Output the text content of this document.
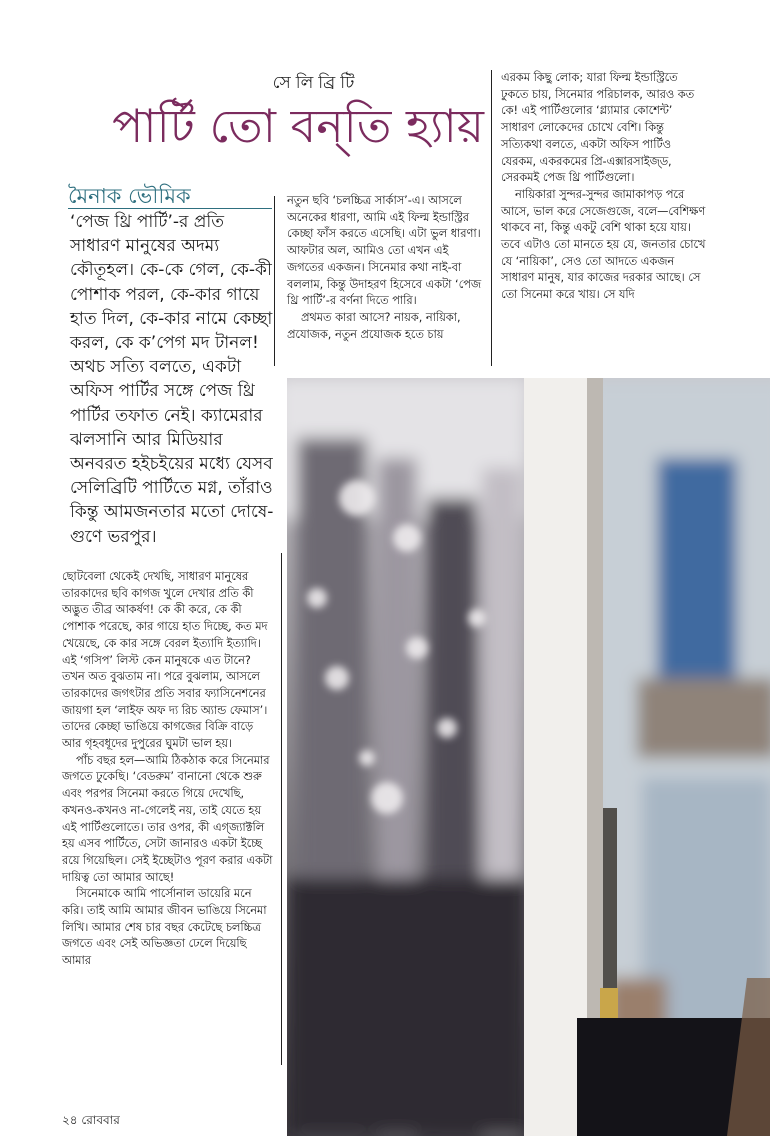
সেলিব্রিটি
পার্টি তো বন্‌তি হ্যায়
মৈনাক ভৌমিক

‘পেজ থ্রি পার্টি’-র প্রতি সাধারণ মানুষের অদম্য কৌতূহল। কে-কে গেল, কে-কী পোশাক পরল, কে-কার গায়ে হাত দিল, কে-কার নামে কেচ্ছা করল, কে ক’পেগ মদ টানল! অথচ সত্যি বলতে, একটা অফিস পার্টির সঙ্গে পেজ থ্রি পার্টির তফাত নেই। ক্যামেরার ঝলসানি আর মিডিয়ার অনবরত হইচইয়ের মধ্যে যেসব সেলিব্রিটি পার্টিতে মগ্ন, তাঁরাও কিন্তু আমজনতার মতো দোষে-গুণে ভরপুর।

ছোটবেলা থেকেই দেখছি, সাধারণ মানুষের তারকাদের ছবি কাগজ খুলে দেখার প্রতি কী অদ্ভুত তীব্র আকর্ষণ! কে কী করে, কে কী পোশাক পরেছে, কার গায়ে হাত দিচ্ছে, কত মদ খেয়েছে, কে কার সঙ্গে বেরল ইত্যাদি ইত্যাদি। এই ‘গসিপ’ লিস্ট কেন মানুষকে এত টানে? তখন অত বুঝতাম না। পরে বুঝলাম, আসলে তারকাদের জগৎটার প্রতি সবার ফ্যাসিনেশনের জায়গা হল ‘লাইফ অফ দ্য রিচ অ্যান্ড ফেমাস’। তাদের কেচ্ছা ভাঙিয়ে কাগজের বিক্রি বাড়ে আর গৃহবধূদের দুপুরের ঘুমটা ভাল হয়।

পাঁচ বছর হল—আমি ঠিকঠাক করে সিনেমার জগতে ঢুকেছি। ‘বেডরুম’ বানানো থেকে শুরু এবং পরপর সিনেমা করতে গিয়ে দেখেছি, কখনও-কখনও না-গেলেই নয়, তাই যেতে হয় এই পার্টিগুলোতে। তার ওপর, কী এগ্‌জ্যাক্টলি হয় এসব পার্টিতে, সেটা জানারও একটা ইচ্ছে রয়ে গিয়েছিল। সেই ইচ্ছেটাও পূরণ করার একটা দায়িত্ব তো আমার আছে!

সিনেমাকে আমি পার্সোনাল ডায়েরি মনে করি। তাই আমি আমার জীবন ভাঙিয়ে সিনেমা লিখি। আমার শেষ চার বছর কেটেছে চলচ্চিত্র জগতে এবং সেই অভিজ্ঞতা ঢেলে দিয়েছি আমার

নতুন ছবি ‘চলচ্চিত্র সার্কাস’-এ। আসলে অনেকের ধারণা, আমি এই ফিল্ম ইন্ডাস্ট্রির কেচ্ছা ফাঁস করতে এসেছি। এটা ভুল ধারণা। আফটার অল, আমিও তো এখন এই জগতের একজন। সিনেমার কথা নাই-বা বললাম, কিন্তু উদাহরণ হিসেবে একটা ‘পেজ থ্রি পার্টি’-র বর্ণনা দিতে পারি।

প্রথমত কারা আসে? নায়ক, নায়িকা, প্রযোজক, নতুন প্রযোজক হতে চায়

এরকম কিছু লোক; যারা ফিল্ম ইন্ডাস্ট্রিতে ঢুকতে চায়, সিনেমার পরিচালক, আরও কত কে! এই পার্টিগুলোর ‘গ্ল্যামার কোশেন্ট’ সাধারণ লোকেদের চোখে বেশি। কিন্তু সত্যিকথা বলতে, একটা অফিস পার্টিও যেরকম, একরকমের প্রি-এক্সারসাইজ্‌ড, সেরকমই পেজ থ্রি পার্টিগুলো।

নায়িকারা সুন্দর-সুন্দর জামাকাপড় পরে আসে, ভাল করে সেজেগুজে, বলে—বেশিক্ষণ থাকবে না, কিন্তু একটু বেশি থাকা হয়ে যায়। তবে এটাও তো মানতে হয় যে, জনতার চোখে যে ‘নায়িকা’, সেও তো আদতে একজন সাধারণ মানুষ, যার কাজের দরকার আছে। সে তো সিনেমা করে খায়। সে যদি

২৪ রোববার
